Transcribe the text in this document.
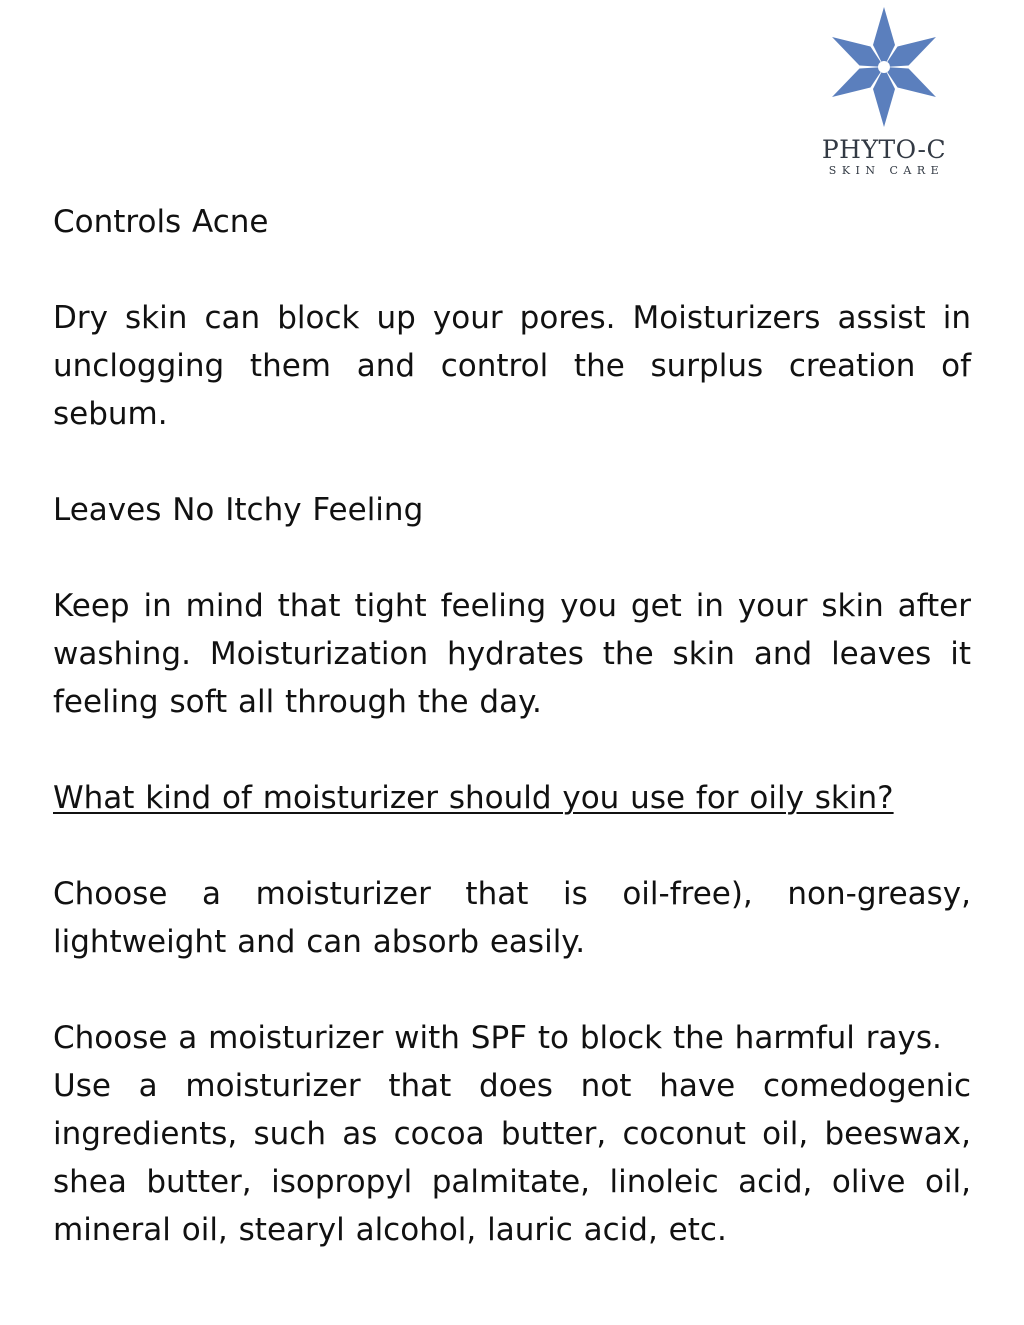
PHYTO-C
SKIN CARE

Controls Acne

Dry skin can block up your pores. Moisturizers assist in unclogging them and control the surplus creation of sebum.

Leaves No Itchy Feeling

Keep in mind that tight feeling you get in your skin after washing. Moisturization hydrates the skin and leaves it feeling soft all through the day.

What kind of moisturizer should you use for oily skin?

Choose a moisturizer that is oil-free), non-greasy, lightweight and can absorb easily.

Choose a moisturizer with SPF to block the harmful rays.

Use a moisturizer that does not have comedogenic ingredients, such as cocoa butter, coconut oil, beeswax, shea butter, isopropyl palmitate, linoleic acid, olive oil, mineral oil, stearyl alcohol, lauric acid, etc.
